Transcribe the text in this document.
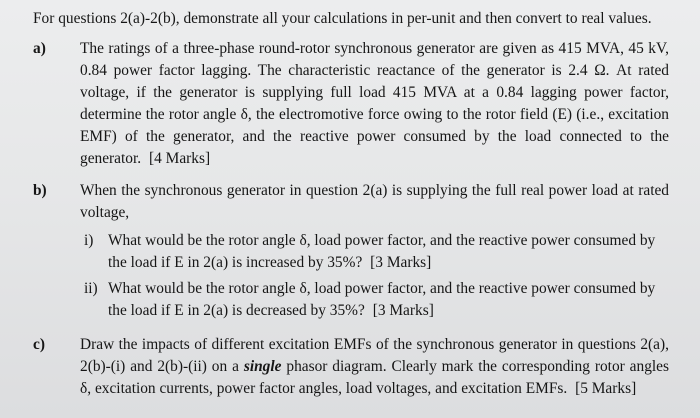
For questions 2(a)-2(b), demonstrate all your calculations in per-unit and then convert to real values.
a) The ratings of a three-phase round-rotor synchronous generator are given as 415 MVA, 45 kV, 0.84 power factor lagging. The characteristic reactance of the generator is 2.4 Ω. At rated voltage, if the generator is supplying full load 415 MVA at a 0.84 lagging power factor, determine the rotor angle δ, the electromotive force owing to the rotor field (E) (i.e., excitation EMF) of the generator, and the reactive power consumed by the load connected to the generator. [4 Marks]
b) When the synchronous generator in question 2(a) is supplying the full real power load at rated voltage,
i) What would be the rotor angle δ, load power factor, and the reactive power consumed by the load if E in 2(a) is increased by 35%? [3 Marks]
ii) What would be the rotor angle δ, load power factor, and the reactive power consumed by the load if E in 2(a) is decreased by 35%? [3 Marks]
c) Draw the impacts of different excitation EMFs of the synchronous generator in questions 2(a), 2(b)-(i) and 2(b)-(ii) on a single phasor diagram. Clearly mark the corresponding rotor angles δ, excitation currents, power factor angles, load voltages, and excitation EMFs. [5 Marks]
